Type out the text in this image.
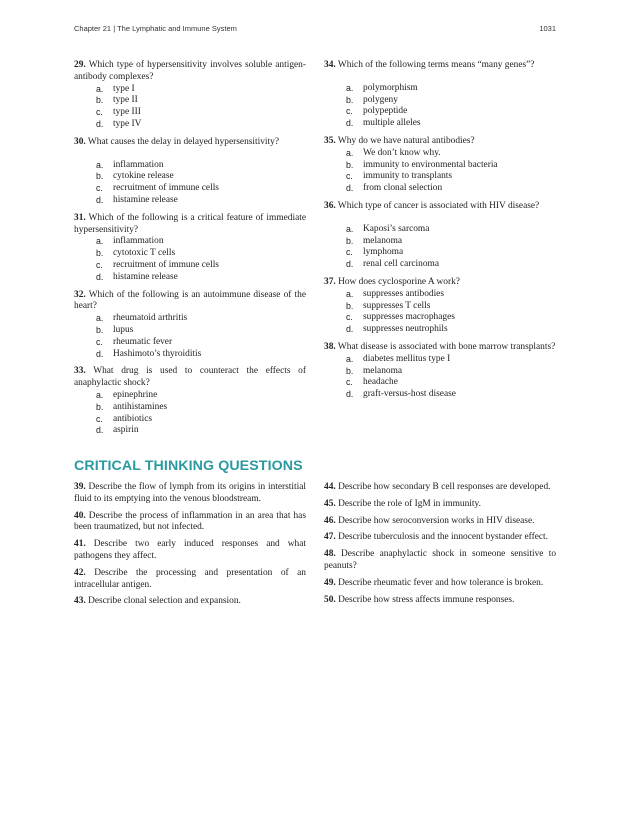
Chapter 21 | The Lymphatic and Immune System	1031
29. Which type of hypersensitivity involves soluble antigen-antibody complexes?
a. type I
b. type II
c. type III
d. type IV
30. What causes the delay in delayed hypersensitivity?
a. inflammation
b. cytokine release
c. recruitment of immune cells
d. histamine release
31. Which of the following is a critical feature of immediate hypersensitivity?
a. inflammation
b. cytotoxic T cells
c. recruitment of immune cells
d. histamine release
32. Which of the following is an autoimmune disease of the heart?
a. rheumatoid arthritis
b. lupus
c. rheumatic fever
d. Hashimoto’s thyroiditis
33. What drug is used to counteract the effects of anaphylactic shock?
a. epinephrine
b. antihistamines
c. antibiotics
d. aspirin
34. Which of the following terms means “many genes”?
a. polymorphism
b. polygeny
c. polypeptide
d. multiple alleles
35. Why do we have natural antibodies?
a. We don’t know why.
b. immunity to environmental bacteria
c. immunity to transplants
d. from clonal selection
36. Which type of cancer is associated with HIV disease?
a. Kaposi’s sarcoma
b. melanoma
c. lymphoma
d. renal cell carcinoma
37. How does cyclosporine A work?
a. suppresses antibodies
b. suppresses T cells
c. suppresses macrophages
d. suppresses neutrophils
38. What disease is associated with bone marrow transplants?
a. diabetes mellitus type I
b. melanoma
c. headache
d. graft-versus-host disease
CRITICAL THINKING QUESTIONS

39. Describe the flow of lymph from its origins in interstitial fluid to its emptying into the venous bloodstream.

40. Describe the process of inflammation in an area that has been traumatized, but not infected.

41. Describe two early induced responses and what pathogens they affect.

42. Describe the processing and presentation of an intracellular antigen.

43. Describe clonal selection and expansion.

44. Describe how secondary B cell responses are developed.

45. Describe the role of IgM in immunity.

46. Describe how seroconversion works in HIV disease.

47. Describe tuberculosis and the innocent bystander effect.

48. Describe anaphylactic shock in someone sensitive to peanuts?

49. Describe rheumatic fever and how tolerance is broken.

50. Describe how stress affects immune responses.
